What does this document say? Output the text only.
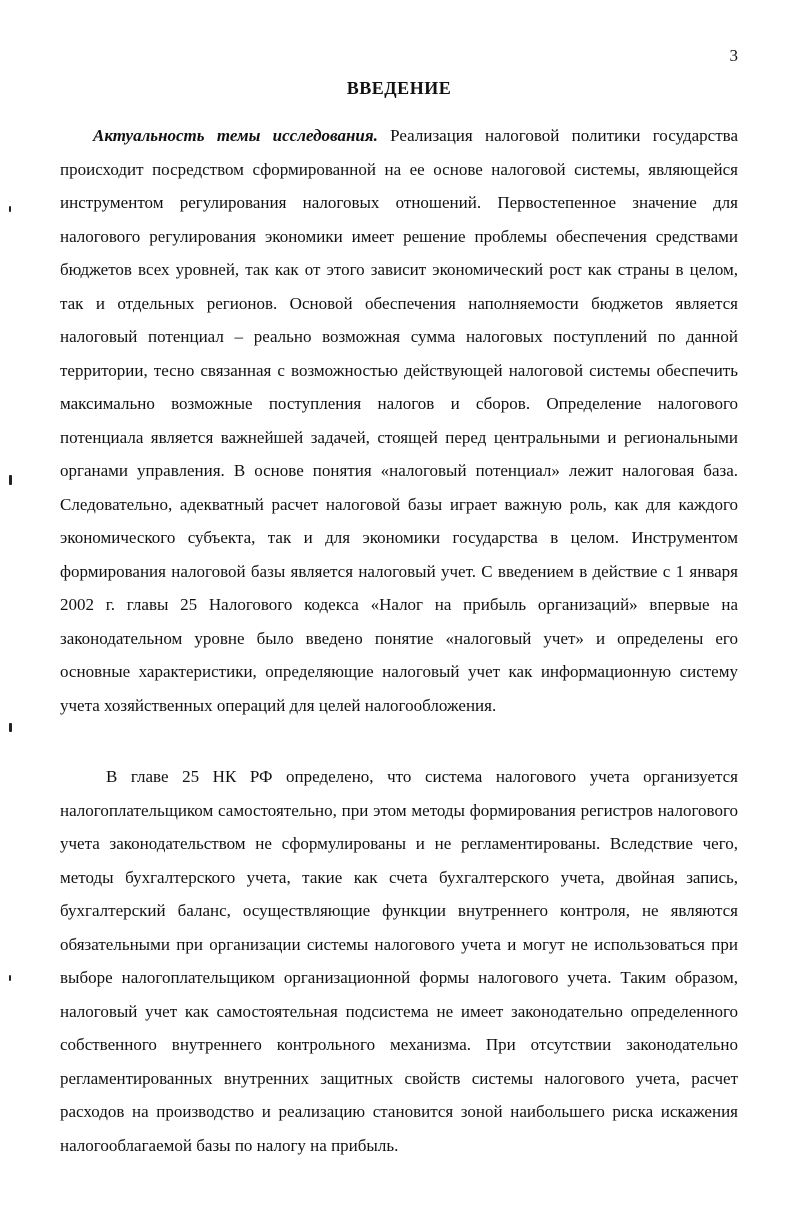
3
ВВЕДЕНИЕ
Актуальность темы исследования. Реализация налоговой политики государства происходит посредством сформированной на ее основе налоговой системы, являющейся инструментом регулирования налоговых отношений. Первостепенное значение для налогового регулирования экономики имеет решение проблемы обеспечения средствами бюджетов всех уровней, так как от этого зависит экономический рост как страны в целом, так и отдельных регионов. Основой обеспечения наполняемости бюджетов является налоговый потенциал – реально возможная сумма налоговых поступлений по данной территории, тесно связанная с возможностью действующей налоговой системы обеспечить максимально возможные поступления налогов и сборов. Определение налогового потенциала является важнейшей задачей, стоящей перед центральными и региональными органами управления. В основе понятия «налоговый потенциал» лежит налоговая база. Следовательно, адекватный расчет налоговой базы играет важную роль, как для каждого экономического субъекта, так и для экономики государства в целом. Инструментом формирования налоговой базы является налоговый учет. С введением в действие с 1 января 2002 г. главы 25 Налогового кодекса «Налог на прибыль организаций» впервые на законодательном уровне было введено понятие «налоговый учет» и определены его основные характеристики, определяющие налоговый учет как информационную систему учета хозяйственных операций для целей налогообложения.
В главе 25 НК РФ определено, что система налогового учета организуется налогоплательщиком самостоятельно, при этом методы формирования регистров налогового учета законодательством не сформулированы и не регламентированы. Вследствие чего, методы бухгалтерского учета, такие как счета бухгалтерского учета, двойная запись, бухгалтерский баланс, осуществляющие функции внутреннего контроля, не являются обязательными при организации системы налогового учета и могут не использоваться при выборе налогоплательщиком организационной формы налогового учета. Таким образом, налоговый учет как самостоятельная подсистема не имеет законодательно определенного собственного внутреннего контрольного механизма. При отсутствии законодательно регламентированных внутренних защитных свойств системы налогового учета, расчет расходов на производство и реализацию становится зоной наибольшего риска искажения налогооблагаемой базы по налогу на прибыль.
